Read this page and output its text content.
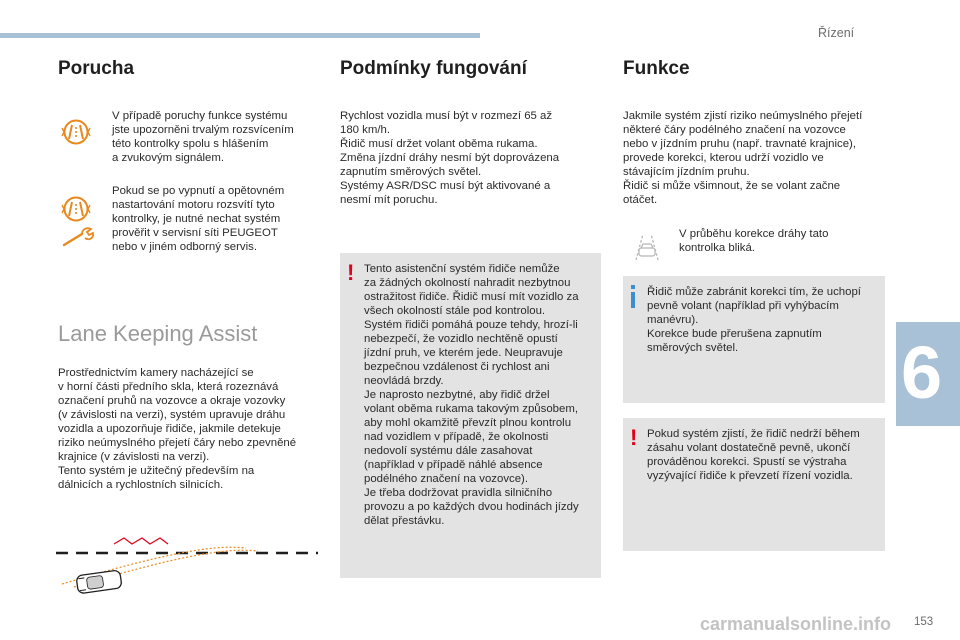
Řízení
Porucha
V případě poruchy funkce systému
jste upozorněni trvalým rozsvícením
této kontrolky spolu s hlášením
a zvukovým signálem.
Pokud se po vypnutí a opětovném
nastartování motoru rozsvítí tyto
kontrolky, je nutné nechat systém
prověřit v servisní síti PEUGEOT
nebo v jiném odborný servis.
Lane Keeping Assist
Prostřednictvím kamery nacházející se
v horní části předního skla, která rozeznává
označení pruhů na vozovce a okraje vozovky
(v závislosti na verzi), systém upravuje dráhu
vozidla a upozorňuje řidiče, jakmile detekuje
riziko neúmyslného přejetí čáry nebo zpevněné
krajnice (v závislosti na verzi).
Tento systém je užitečný především na
dálnicích a rychlostních silnicích.
Podmínky fungování
Rychlost vozidla musí být v rozmezí 65 až
180 km/h.
Řidič musí držet volant oběma rukama.
Změna jízdní dráhy nesmí být doprovázena
zapnutím směrových světel.
Systémy ASR/DSC musí být aktivované a
nesmí mít poruchu.
! Tento asistenční systém řidiče nemůže
za žádných okolností nahradit nezbytnou
ostražitost řidiče. Řidič musí mít vozidlo za
všech okolností stále pod kontrolou.
Systém řidiči pomáhá pouze tehdy, hrozí-li
nebezpečí, že vozidlo nechtěně opustí
jízdní pruh, ve kterém jede. Neupravuje
bezpečnou vzdálenost či rychlost ani
neovládá brzdy.
Je naprosto nezbytné, aby řidič držel
volant oběma rukama takovým způsobem,
aby mohl okamžitě převzít plnou kontrolu
nad vozidlem v případě, že okolnosti
nedovolí systému dále zasahovat
(například v případě náhlé absence
podélného značení na vozovce).
Je třeba dodržovat pravidla silničního
provozu a po každých dvou hodinách jízdy
dělat přestávku.
Funkce
Jakmile systém zjistí riziko neúmyslného přejetí
některé čáry podélného značení na vozovce
nebo v jízdním pruhu (např. travnaté krajnice),
provede korekci, kterou udrží vozidlo ve
stávajícím jízdním pruhu.
Řidič si může všimnout, že se volant začne
otáčet.
V průběhu korekce dráhy tato
kontrolka bliká.
Řidič může zabránit korekci tím, že uchopí
pevně volant (například při vyhýbacím
manévru).
Korekce bude přerušena zapnutím
směrových světel.
! Pokud systém zjistí, že řidič nedrží během
zásahu volant dostatečně pevně, ukončí
prováděnou korekci. Spustí se výstraha
vyzývající řidiče k převzetí řízení vozidla.
6
carmanualsonline.info 153
